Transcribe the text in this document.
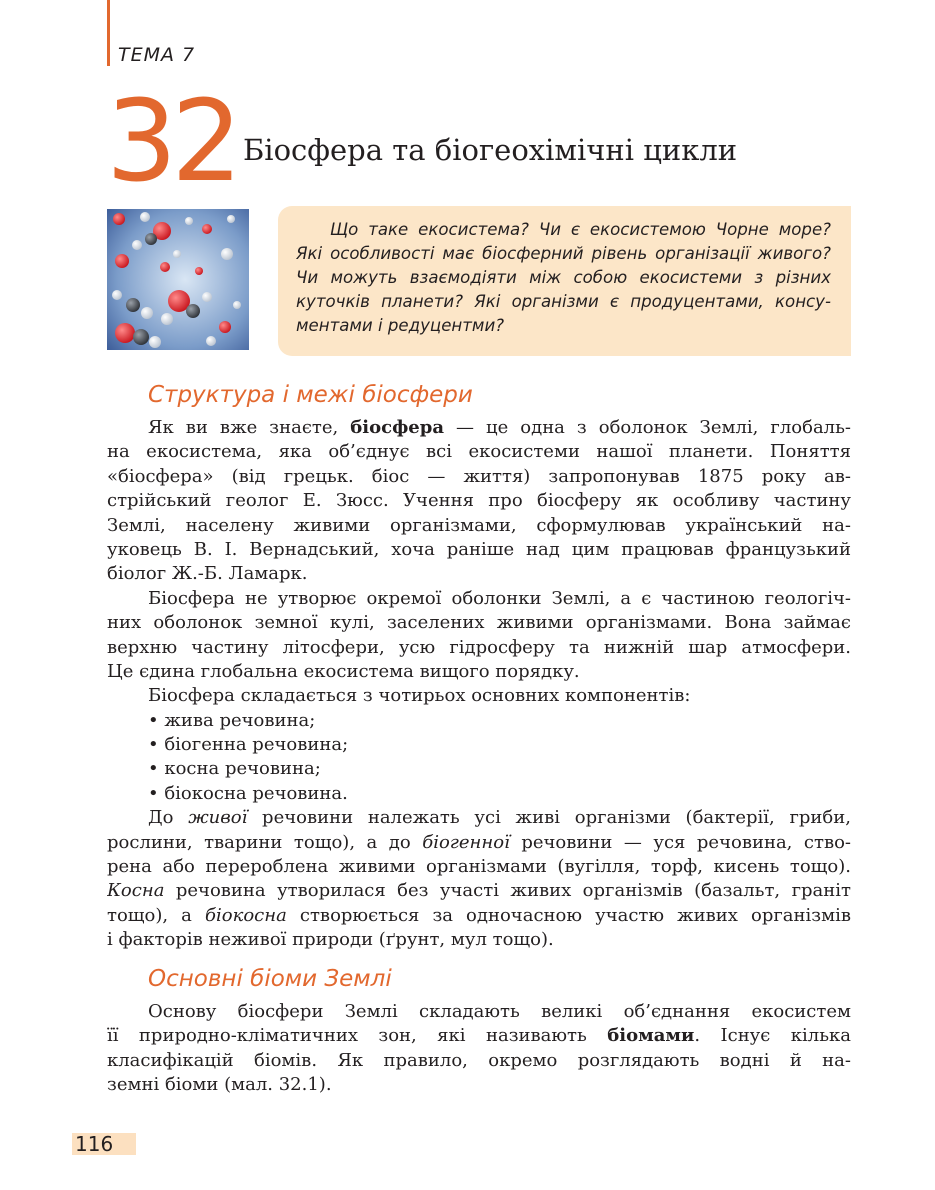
ТЕМА 7
32 Біосфера та біогеохімічні цикли
Що таке екосистема? Чи є екосистемою Чорне море?
Які особливості має біосферний рівень організації живого?
Чи можуть взаємодіяти між собою екосистеми з різних
куточків планети? Які організми є продуцентами, консу-
ментами і редуцентми?
Структура і межі біосфери
Як ви вже знаєте, біосфера — це одна з оболонок Землі, глобаль-
на екосистема, яка об’єднує всі екосистеми нашої планети. Поняття
«біосфера» (від грецьк. біос — життя) запропонував 1875 року ав-
стрійський геолог Е. Зюсс. Учення про біосферу як особливу частину
Землі, населену живими організмами, сформулював український на-
уковець В. І. Вернадський, хоча раніше над цим працював французький
біолог Ж.-Б. Ламарк.
Біосфера не утворює окремої оболонки Землі, а є частиною геологіч-
них оболонок земної кулі, заселених живими організмами. Вона займає
верхню частину літосфери, усю гідросферу та нижній шар атмосфери.
Це єдина глобальна екосистема вищого порядку.
Біосфера складається з чотирьох основних компонентів:
• жива речовина;
• біогенна речовина;
• косна речовина;
• біокосна речовина.
До живої речовини належать усі живі організми (бактерії, гриби,
рослини, тварини тощо), а до біогенної речовини — уся речовина, ство-
рена або перероблена живими організмами (вугілля, торф, кисень тощо).
Косна речовина утворилася без участі живих організмів (базальт, граніт
тощо), а біокосна створюється за одночасною участю живих організмів
і факторів неживої природи (ґрунт, мул тощо).
Основні біоми Землі
Основу біосфери Землі складають великі об’єднання екосистем
її природно-кліматичних зон, які називають біомами. Існує кілька
класифікацій біомів. Як правило, окремо розглядають водні й на-
земні біоми (мал. 32.1).
116
